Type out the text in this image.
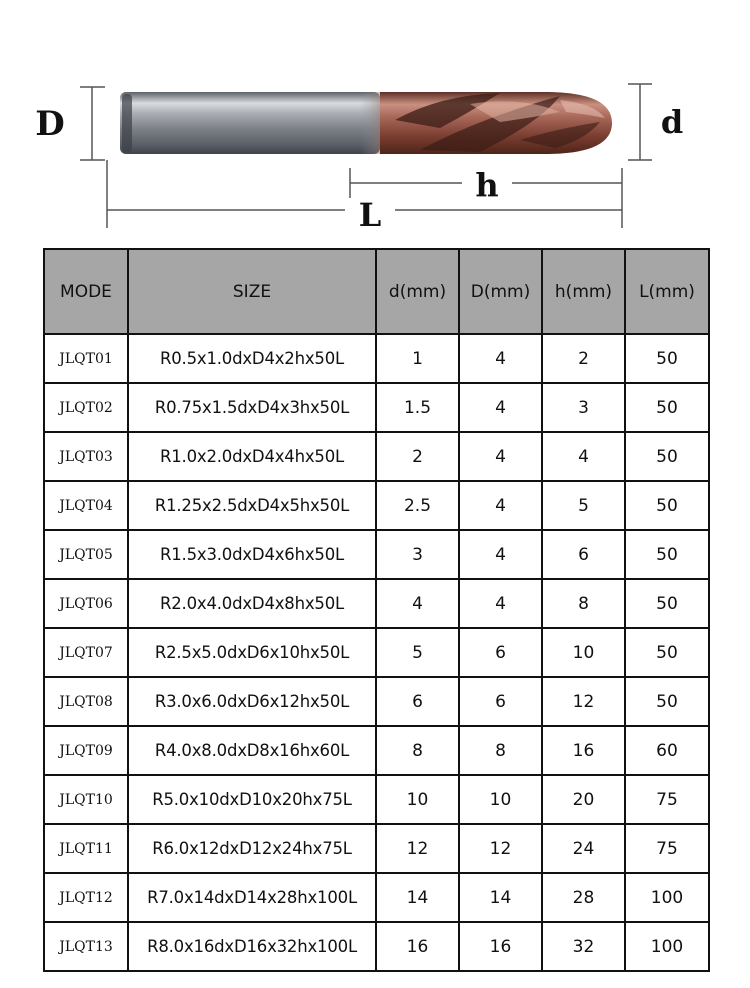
D	d
h
L
MODE	SIZE	d(mm)	D(mm)	h(mm)	L(mm)
JLQT01	R0.5x1.0dxD4x2hx50L	1	4	2	50
JLQT02	R0.75x1.5dxD4x3hx50L	1.5	4	3	50
JLQT03	R1.0x2.0dxD4x4hx50L	2	4	4	50
JLQT04	R1.25x2.5dxD4x5hx50L	2.5	4	5	50
JLQT05	R1.5x3.0dxD4x6hx50L	3	4	6	50
JLQT06	R2.0x4.0dxD4x8hx50L	4	4	8	50
JLQT07	R2.5x5.0dxD6x10hx50L	5	6	10	50
JLQT08	R3.0x6.0dxD6x12hx50L	6	6	12	50
JLQT09	R4.0x8.0dxD8x16hx60L	8	8	16	60
JLQT10	R5.0x10dxD10x20hx75L	10	10	20	75
JLQT11	R6.0x12dxD12x24hx75L	12	12	24	75
JLQT12	R7.0x14dxD14x28hx100L	14	14	28	100
JLQT13	R8.0x16dxD16x32hx100L	16	16	32	100
